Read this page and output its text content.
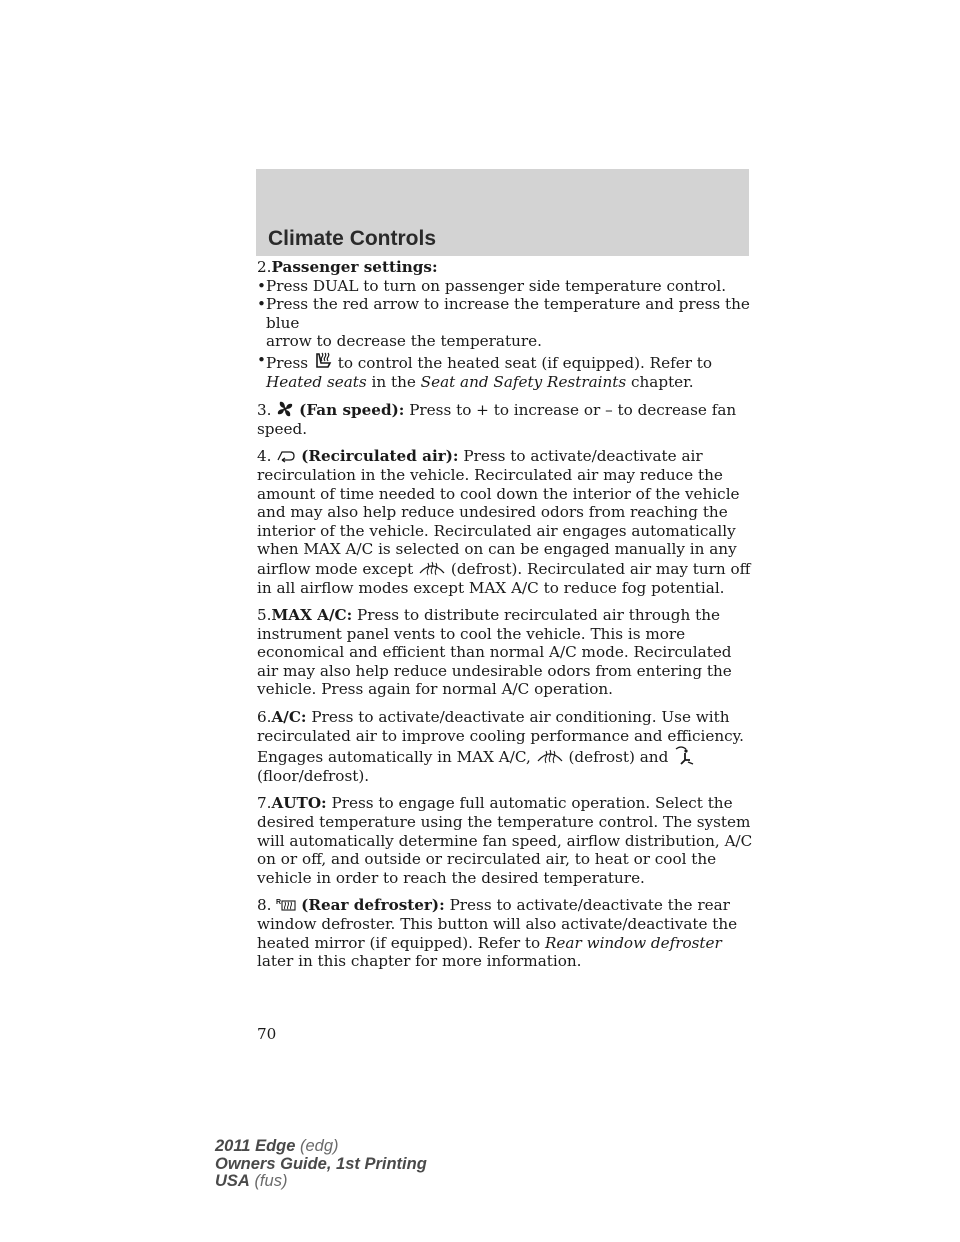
Climate Controls
2.Passenger settings:
• Press DUAL to turn on passenger side temperature control.
• Press the red arrow to increase the temperature and press the blue
arrow to decrease the temperature.
• Press to control the heated seat (if equipped). Refer to Heated seats in the Seat and Safety Restraints chapter.

3. (Fan speed): Press to + to increase or – to decrease fan speed.

4. (Recirculated air): Press to activate/deactivate air recirculation in the vehicle. Recirculated air may reduce the amount of time needed to cool down the interior of the vehicle and may also help reduce undesired odors from reaching the interior of the vehicle. Recirculated air engages automatically when MAX A/C is selected on can be engaged manually in any airflow mode except (defrost). Recirculated air may turn off in all airflow modes except MAX A/C to reduce fog potential.

5.MAX A/C: Press to distribute recirculated air through the instrument panel vents to cool the vehicle. This is more economical and efficient than normal A/C mode. Recirculated air may also help reduce undesirable odors from entering the vehicle. Press again for normal A/C operation.

6.A/C: Press to activate/deactivate air conditioning. Use with recirculated air to improve cooling performance and efficiency. Engages automatically in MAX A/C, (defrost) and  (floor/defrost).

7.AUTO: Press to engage full automatic operation. Select the desired temperature using the temperature control. The system will automatically determine fan speed, airflow distribution, A/C on or off, and outside or recirculated air, to heat or cool the vehicle in order to reach the desired temperature.

8. R (Rear defroster): Press to activate/deactivate the rear window defroster. This button will also activate/deactivate the heated mirror (if equipped). Refer to Rear window defroster later in this chapter for more information.

70
2011 Edge (edg)
Owners Guide, 1st Printing
USA (fus)
